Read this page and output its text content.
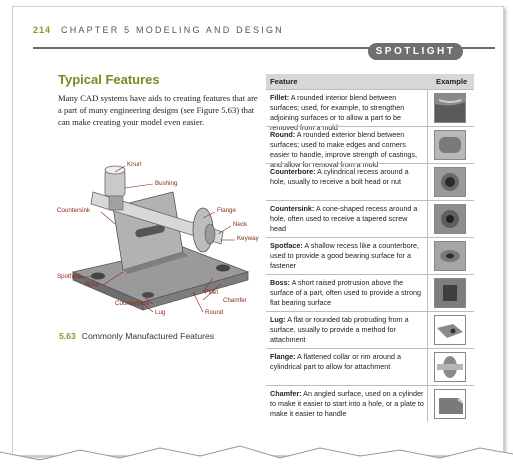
214 CHAPTER 5 MODELING AND DESIGN
SPOTLIGHT
Typical Features
Many CAD systems have aids to creating features that are a part of many engineering designs (see Figure 5.63) that can make creating your model even easier.
Knurl
Bushing
Countersink	Flange
Neck
Keyway
Spotface
Boss
Fillet
Chamfer
Counterbore
Lug	Round
5.63 Commonly Manufactured Features
Feature	Example
Fillet: A rounded interior blend between surfaces; used, for example, to strengthen adjoining surfaces or to allow a part to be removed from a mold
Round: A rounded exterior blend between surfaces; used to make edges and corners easier to handle, improve strength of castings, and allow for removal from a mold
Counterbore: A cylindrical recess around a hole, usually to receive a bolt head or nut
Countersink: A cone-shaped recess around a hole, often used to receive a tapered screw head
Spotface: A shallow recess like a counterbore, used to provide a good bearing surface for a fastener
Boss: A short raised protrusion above the surface of a part, often used to provide a strong flat bearing surface
Lug: A flat or rounded tab protruding from a surface, usually to provide a method for attachment
Flange: A flattened collar or rim around a cylindrical part to allow for attachment
Chamfer: An angled surface, used on a cylinder to make it easier to start into a hole, or a plate to make it easier to handle
